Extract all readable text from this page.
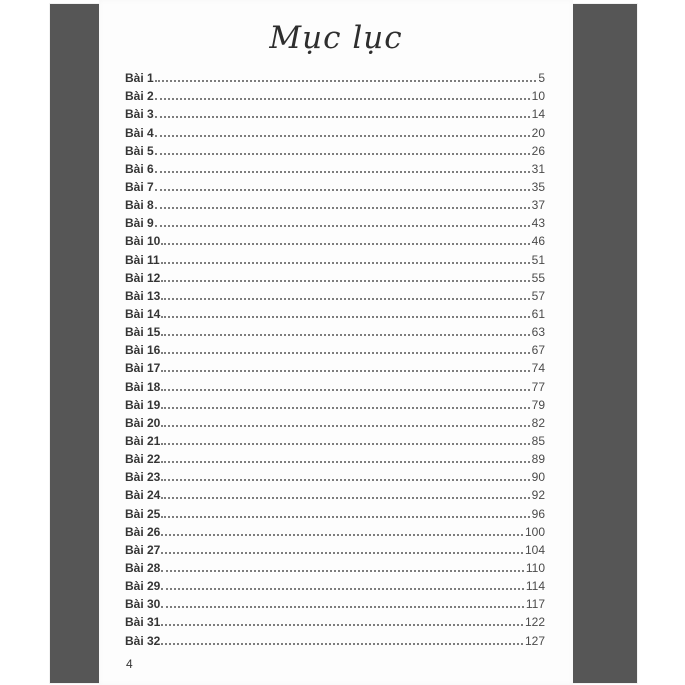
Mục lục
Bài 1	5
Bài 2	10
Bài 3	14
Bài 4	20
Bài 5	26
Bài 6	31
Bài 7	35
Bài 8	37
Bài 9	43
Bài 10	46
Bài 11	51
Bài 12	55
Bài 13	57
Bài 14	61
Bài 15	63
Bài 16	67
Bài 17	74
Bài 18	77
Bài 19	79
Bài 20	82
Bài 21	85
Bài 22	89
Bài 23	90
Bài 24	92
Bài 25	96
Bài 26	100
Bài 27	104
Bài 28	110
Bài 29	114
Bài 30	117
Bài 31	122
Bài 32	127
4
